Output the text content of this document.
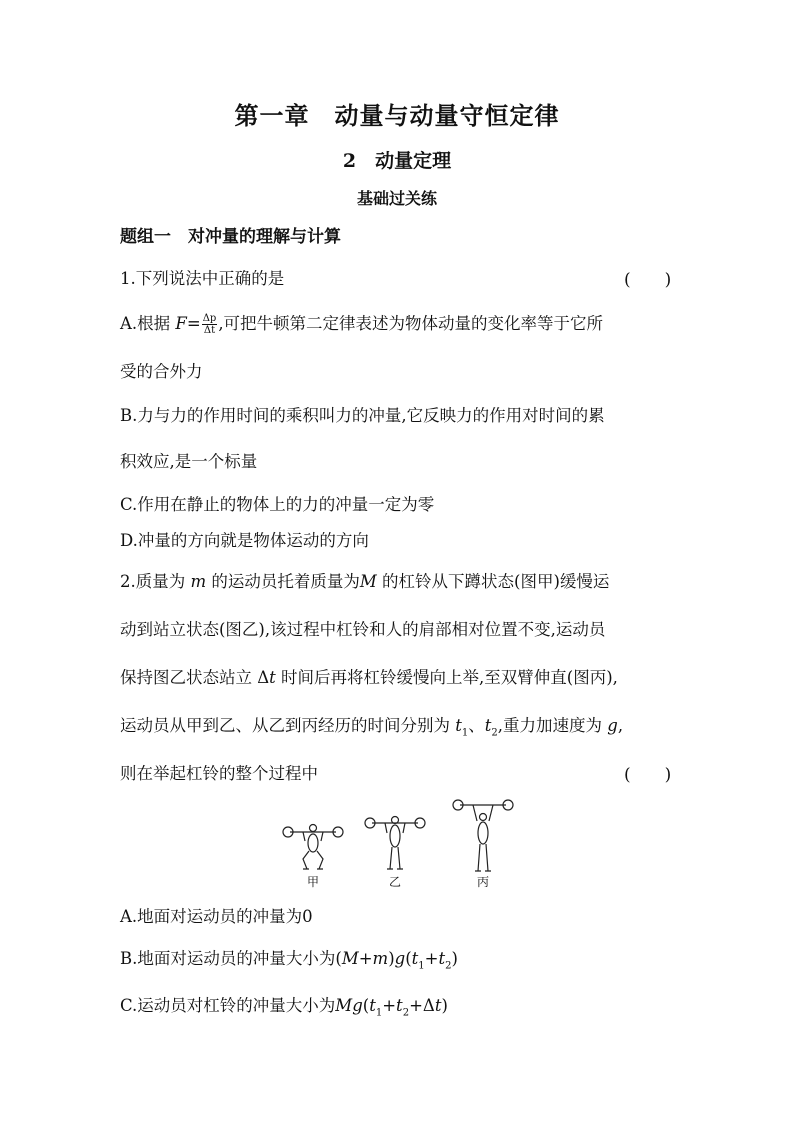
第一章　动量与动量守恒定律
2　动量定理
基础过关练
题组一　对冲量的理解与计算
1.下列说法中正确的是	(　　)
A.根据 $F= \frac{\Delta p}{\Delta t}$ ,可把牛顿第二定律表述为物体动量的变化率等于它所
受的合外力
B.力与力的作用时间的乘积叫力的冲量,它反映力的作用对时间的累
积效应,是一个标量
C.作用在静止的物体上的力的冲量一定为零
D.冲量的方向就是物体运动的方向
2.质量为 m 的运动员托着质量为M 的杠铃从下蹲状态(图甲)缓慢运
动到站立状态(图乙),该过程中杠铃和人的肩部相对位置不变,运动员
保持图乙状态站立 Δt 时间后再将杠铃缓慢向上举,至双臂伸直(图丙),
运动员从甲到乙、从乙到丙经历的时间分别为 $t_1$、$t_2$,重力加速度为 g,
则在举起杠铃的整个过程中	(　　)
甲	乙	丙
A.地面对运动员的冲量为0
B.地面对运动员的冲量大小为$(M+m)g(t_1+t_2)$
C.运动员对杠铃的冲量大小为$Mg(t_1+t_2+\Delta t)$
